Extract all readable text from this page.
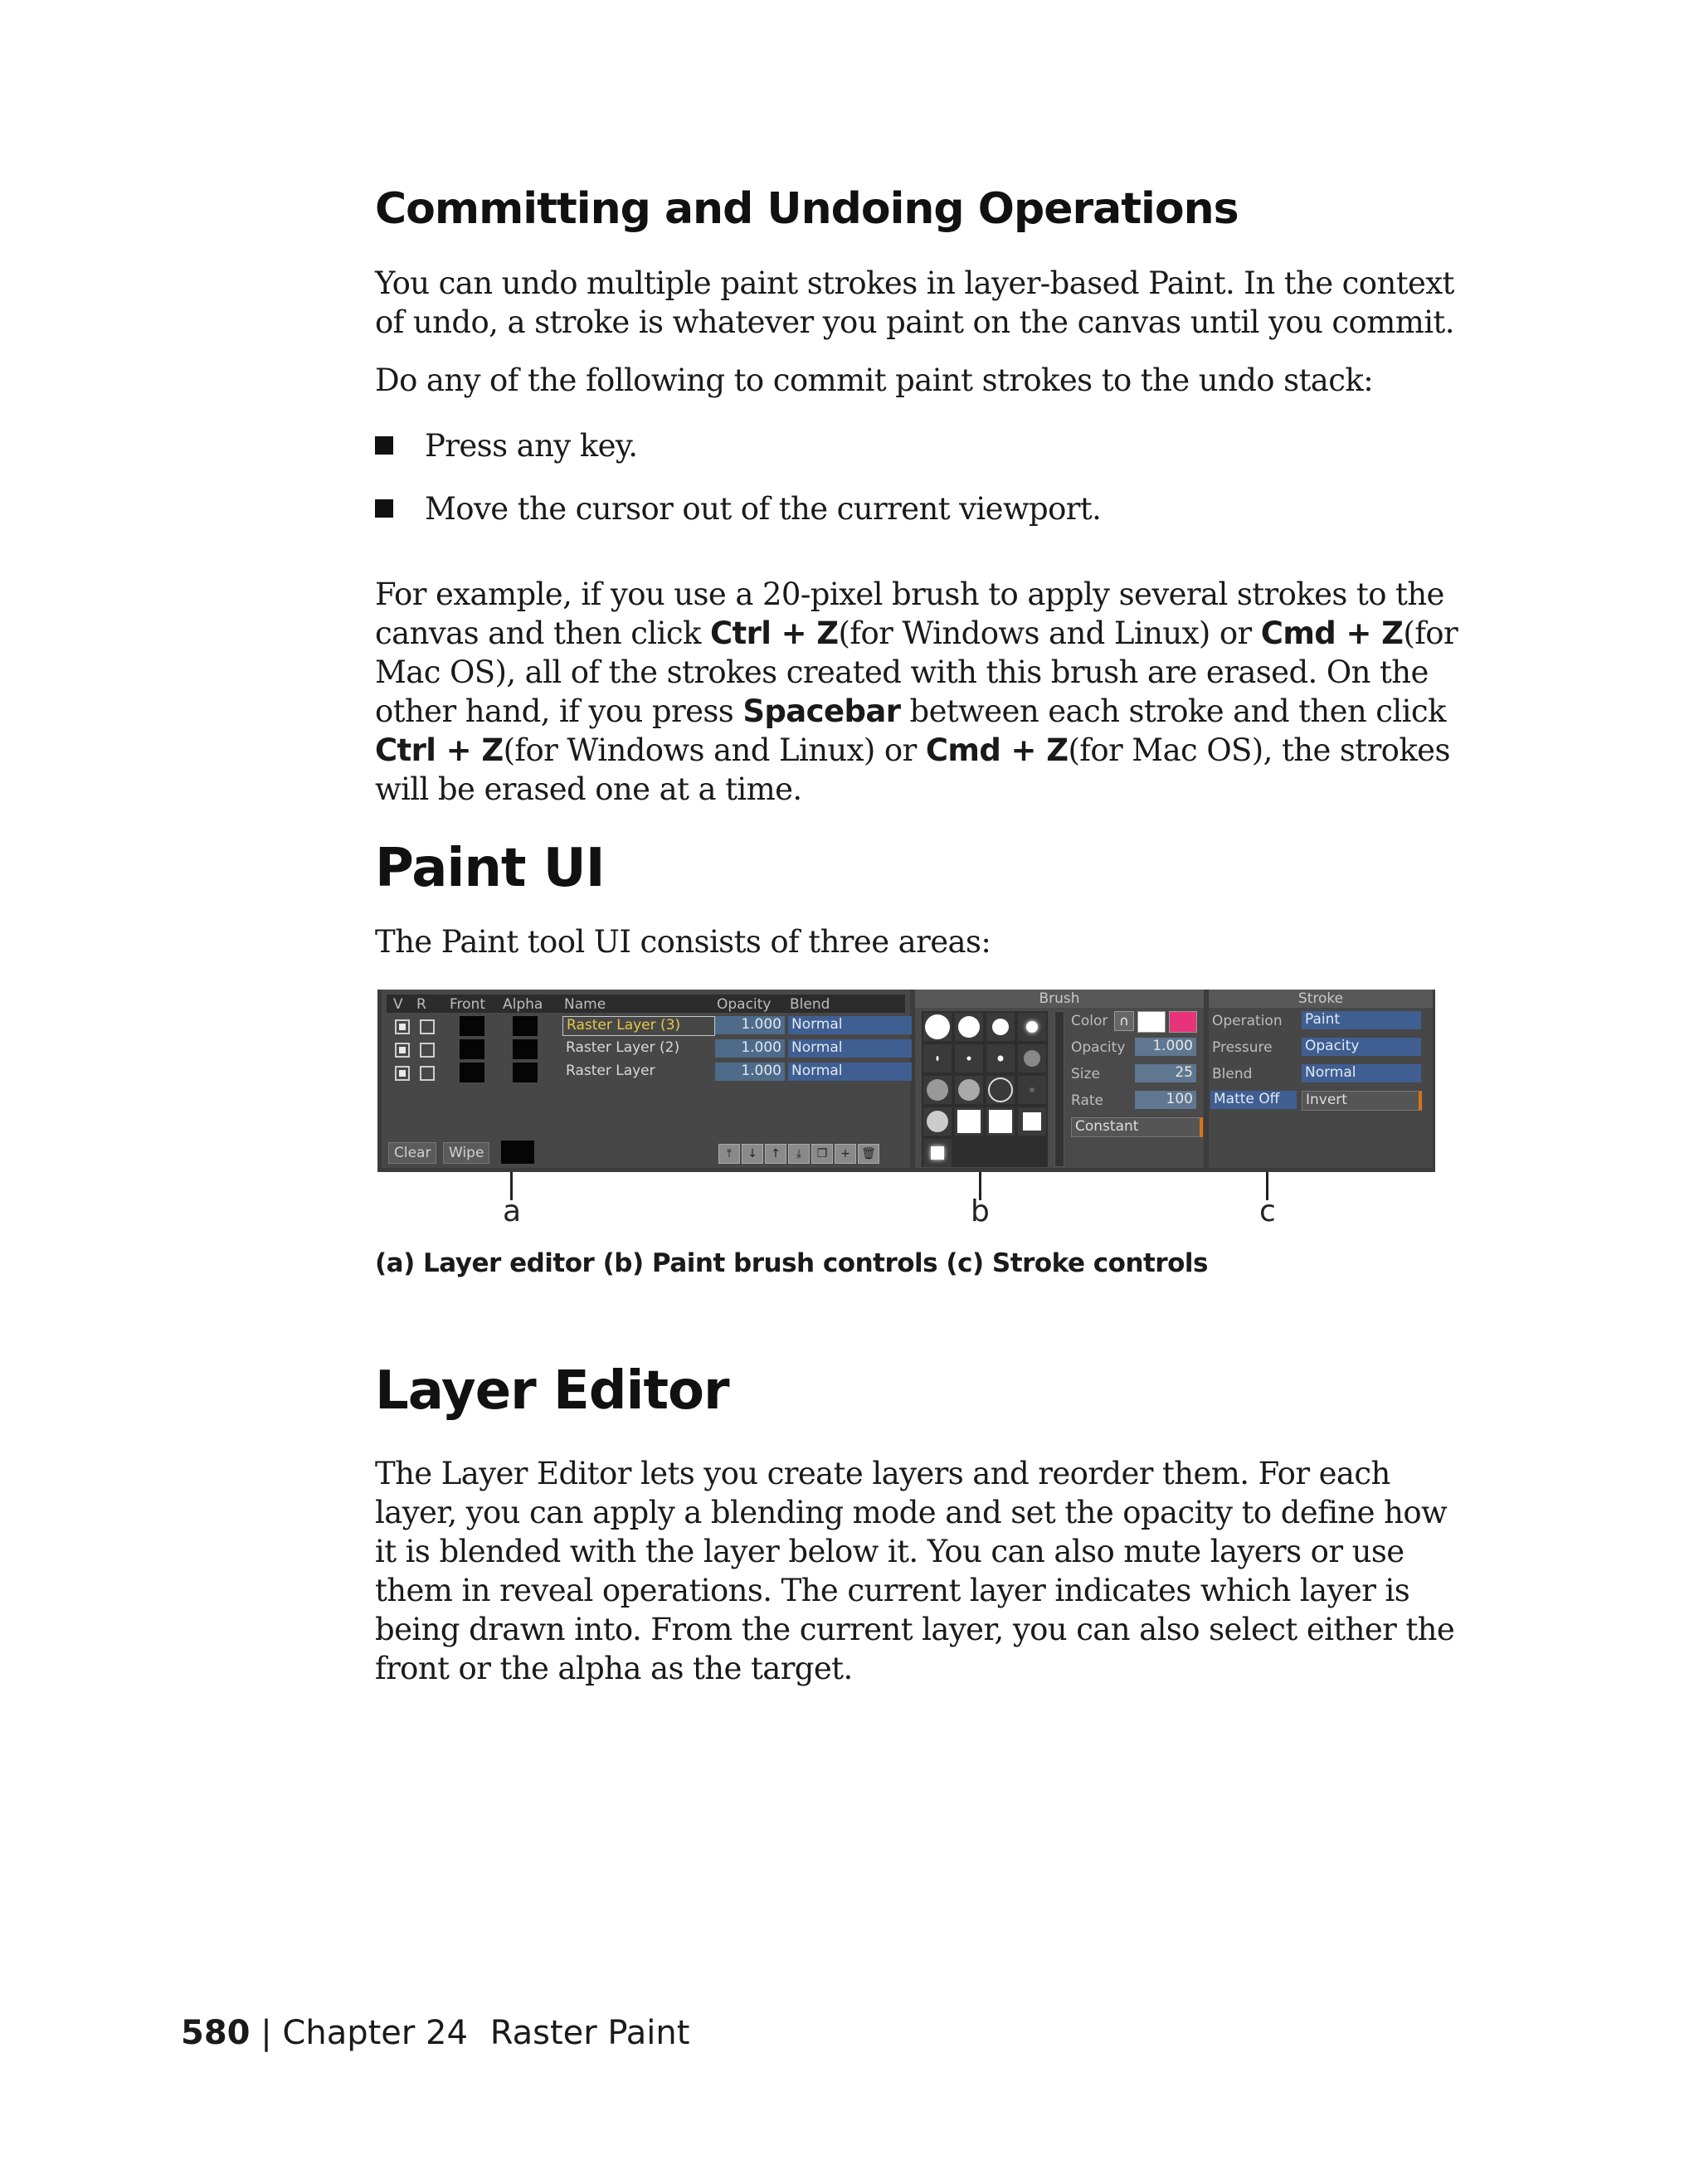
Committing and Undoing Operations

You can undo multiple paint strokes in layer-based Paint. In the context of undo, a stroke is whatever you paint on the canvas until you commit.

Do any of the following to commit paint strokes to the undo stack:

Press any key.
Move the cursor out of the current viewport.

For example, if you use a 20-pixel brush to apply several strokes to the canvas and then click Ctrl + Z(for Windows and Linux) or Cmd + Z(for Mac OS), all of the strokes created with this brush are erased. On the other hand, if you press Spacebar between each stroke and then click Ctrl + Z(for Windows and Linux) or Cmd + Z(for Mac OS), the strokes will be erased one at a time.

Paint UI

The Paint tool UI consists of three areas:

V R Front Alpha Name	Opacity Blend
Raster Layer (3)	1.000 Normal
Raster Layer (2)	1.000 Normal
Raster Layer	1.000 Normal
Clear	Wipe	⤒	↓	↑	⤓	❐	+ 🗑
Brush
Color ∩
Opacity	1.000
Size	25
Rate	100
Constant
Stroke
Operation Paint
Pressure Opacity
Blend	Normal
Matte Off	Invert
a	b	c
(a) Layer editor (b) Paint brush controls (c) Stroke controls
Layer Editor

The Layer Editor lets you create layers and reorder them. For each layer, you can apply a blending mode and set the opacity to define how it is blended with the layer below it. You can also mute layers or use them in reveal operations. The current layer indicates which layer is being drawn into. From the current layer, you can also select either the front or the alpha as the target.

580 | Chapter 24 Raster Paint
